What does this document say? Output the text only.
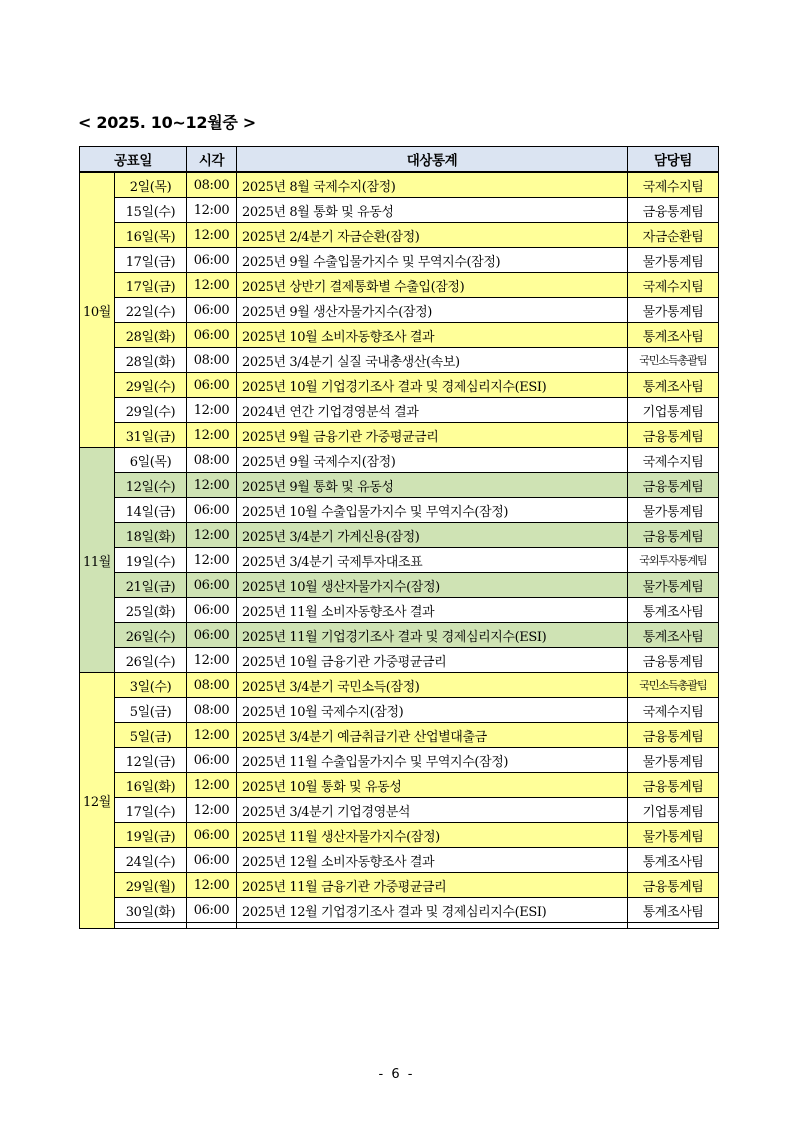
< 2025. 10~12월중 >
공표일		시각	대상통계	담당팀
10월	2일(목)	08:00	2025년 8월 국제수지(잠정)	국제수지팀
	15일(수)	12:00	2025년 8월 통화 및 유동성	금융통계팀
	16일(목)	12:00	2025년 2/4분기 자금순환(잠정)	자금순환팀
	17일(금)	06:00	2025년 9월 수출입물가지수 및 무역지수(잠정)	물가통계팀
	17일(금)	12:00	2025년 상반기 결제통화별 수출입(잠정)	국제수지팀
	22일(수)	06:00	2025년 9월 생산자물가지수(잠정)	물가통계팀
	28일(화)	06:00	2025년 10월 소비자동향조사 결과	통계조사팀
	28일(화)	08:00	2025년 3/4분기 실질 국내총생산(속보)	국민소득총괄팀
	29일(수)	06:00	2025년 10월 기업경기조사 결과 및 경제심리지수(ESI)	통계조사팀
	29일(수)	12:00	2024년 연간 기업경영분석 결과	기업통계팀
	31일(금)	12:00	2025년 9월 금융기관 가중평균금리	금융통계팀
11월	6일(목)	08:00	2025년 9월 국제수지(잠정)	국제수지팀
	12일(수)	12:00	2025년 9월 통화 및 유동성	금융통계팀
	14일(금)	06:00	2025년 10월 수출입물가지수 및 무역지수(잠정)	물가통계팀
	18일(화)	12:00	2025년 3/4분기 가계신용(잠정)	금융통계팀
	19일(수)	12:00	2025년 3/4분기 국제투자대조표	국외투자통계팀
	21일(금)	06:00	2025년 10월 생산자물가지수(잠정)	물가통계팀
	25일(화)	06:00	2025년 11월 소비자동향조사 결과	통계조사팀
	26일(수)	06:00	2025년 11월 기업경기조사 결과 및 경제심리지수(ESI)	통계조사팀
	26일(수)	12:00	2025년 10월 금융기관 가중평균금리	금융통계팀
12월	3일(수)	08:00	2025년 3/4분기 국민소득(잠정)	국민소득총괄팀
	5일(금)	08:00	2025년 10월 국제수지(잠정)	국제수지팀
	5일(금)	12:00	2025년 3/4분기 예금취급기관 산업별대출금	금융통계팀
	12일(금)	06:00	2025년 11월 수출입물가지수 및 무역지수(잠정)	물가통계팀
	16일(화)	12:00	2025년 10월 통화 및 유동성	금융통계팀
	17일(수)	12:00	2025년 3/4분기 기업경영분석	기업통계팀
	19일(금)	06:00	2025년 11월 생산자물가지수(잠정)	물가통계팀
	24일(수)	06:00	2025년 12월 소비자동향조사 결과	통계조사팀
	29일(월)	12:00	2025년 11월 금융기관 가중평균금리	금융통계팀
	30일(화)	06:00	2025년 12월 기업경기조사 결과 및 경제심리지수(ESI)	통계조사팀

- 6 -
